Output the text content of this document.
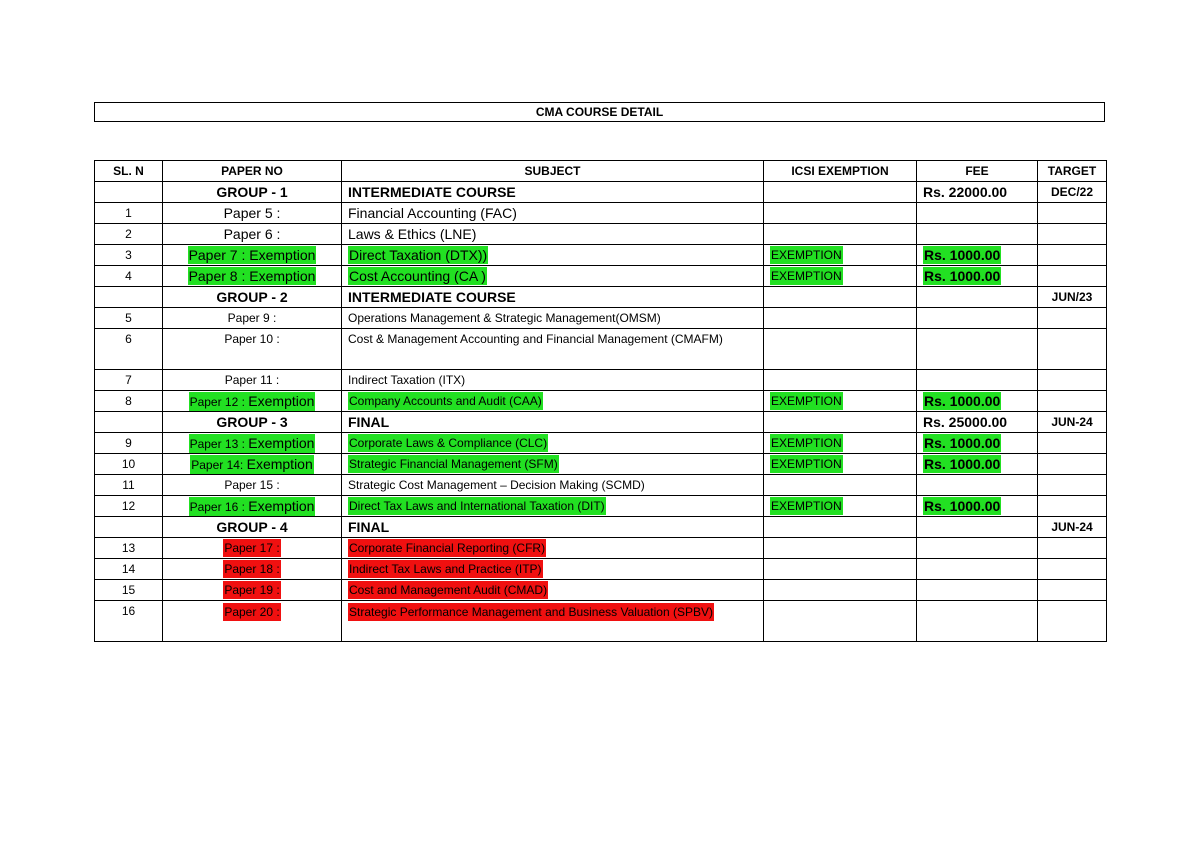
CMA COURSE DETAIL
SL. N	PAPER NO	SUBJECT	ICSI EXEMPTION	FEE	TARGET
	GROUP - 1	INTERMEDIATE COURSE		Rs. 22000.00	DEC/22
1	Paper 5 :	Financial Accounting (FAC)			
2	Paper 6 :	Laws & Ethics (LNE)			
3	Paper 7 : Exemption	Direct Taxation (DTX))	EXEMPTION	Rs. 1000.00	
4	Paper 8 : Exemption	Cost Accounting (CA )	EXEMPTION	Rs. 1000.00	
	GROUP - 2	INTERMEDIATE COURSE			JUN/23
5	Paper 9 :	Operations Management & Strategic Management(OMSM)			
6	Paper 10 :	Cost & Management Accounting and Financial Management (CMAFM)			
7	Paper 11 :	Indirect Taxation (ITX)			
8	Paper 12 : Exemption	Company Accounts and Audit (CAA)	EXEMPTION	Rs. 1000.00	
	GROUP - 3	FINAL		Rs. 25000.00	JUN-24
9	Paper 13 : Exemption	Corporate Laws & Compliance (CLC)	EXEMPTION	Rs. 1000.00	
10	Paper 14: Exemption	Strategic Financial Management (SFM)	EXEMPTION	Rs. 1000.00	
11	Paper 15 :	Strategic Cost Management – Decision Making (SCMD)			
12	Paper 16 : Exemption	Direct Tax Laws and International Taxation (DIT)	EXEMPTION	Rs. 1000.00	
	GROUP - 4	FINAL			JUN-24
13	Paper 17 :	Corporate Financial Reporting (CFR)			
14	Paper 18 :	Indirect Tax Laws and Practice (ITP)			
15	Paper 19 :	Cost and Management Audit (CMAD)			
16	Paper 20 :	Strategic Performance Management and Business Valuation (SPBV)			
